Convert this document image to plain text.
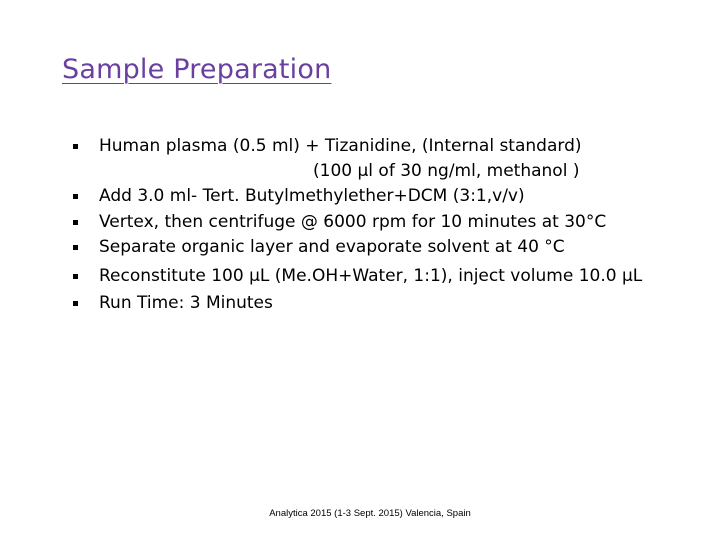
Sample Preparation
Human plasma (0.5 ml) + Tizanidine, (Internal standard)
(100 µl of 30 ng/ml, methanol )
Add 3.0 ml- Tert. Butylmethylether+DCM (3:1,v/v)
Vertex, then centrifuge @ 6000 rpm for 10 minutes at 30°C
Separate organic layer and evaporate solvent at 40 °C
Reconstitute 100 µL (Me.OH+Water, 1:1), inject volume 10.0 µL
Run Time: 3 Minutes
Analytica 2015 (1-3 Sept. 2015) Valencia, Spain
